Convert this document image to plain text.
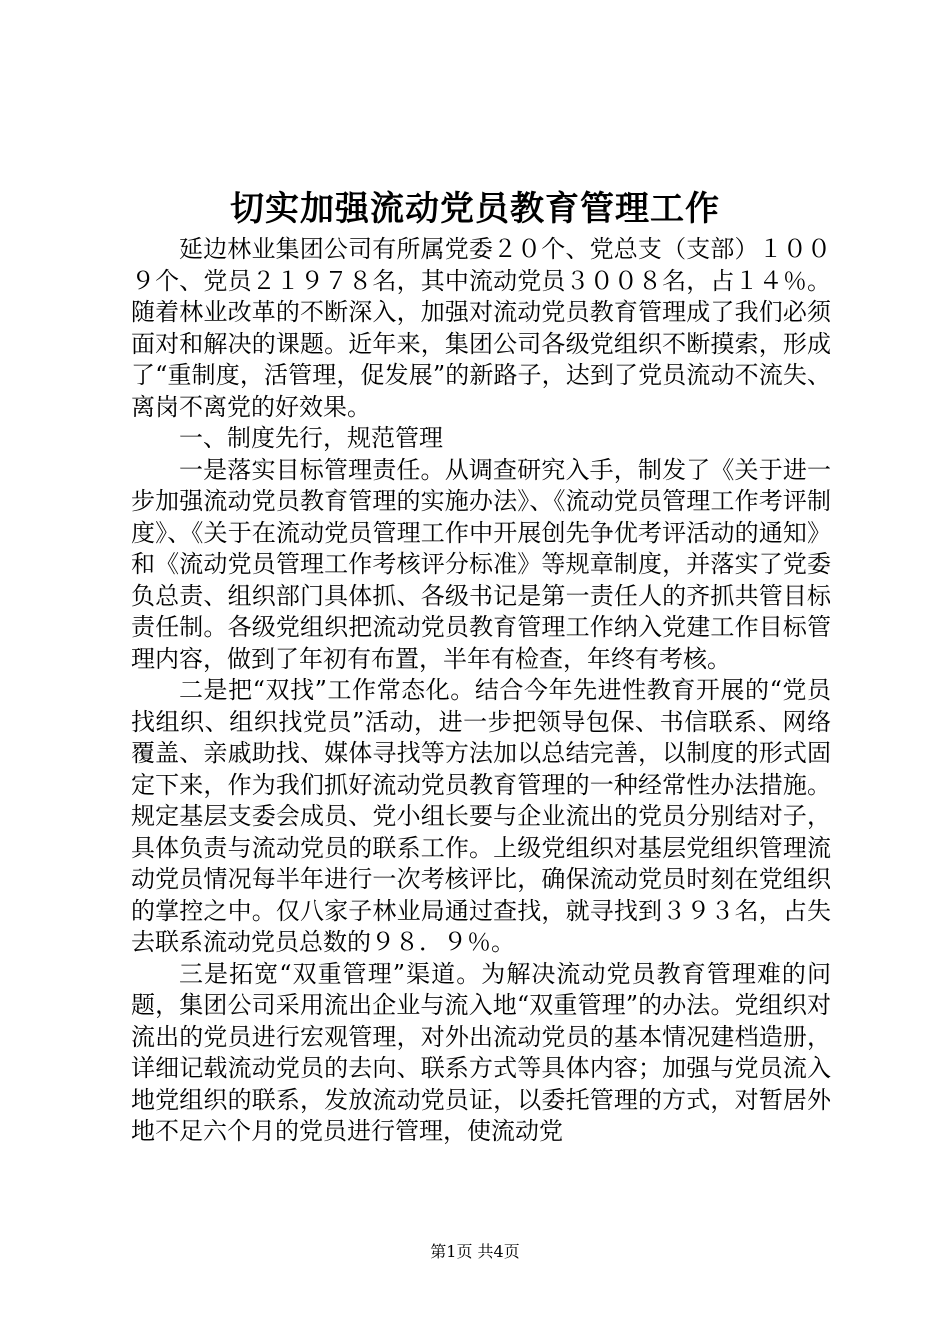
切实加强流动党员教育管理工作

延边林业集团公司有所属党委２０个、党总支（支部）１００９个、党员２１９７８名，其中流动党员３００８名，占１４％。随着林业改革的不断深入，加强对流动党员教育管理成了我们必须面对和解决的课题。近年来，集团公司各级党组织不断摸索，形成了“重制度，活管理，促发展”的新路子，达到了党员流动不流失、离岗不离党的好效果。

一、制度先行，规范管理

一是落实目标管理责任。从调查研究入手，制发了《关于进一步加强流动党员教育管理的实施办法》、《流动党员管理工作考评制度》、《关于在流动党员管理工作中开展创先争优考评活动的通知》和《流动党员管理工作考核评分标准》等规章制度，并落实了党委负总责、组织部门具体抓、各级书记是第一责任人的齐抓共管目标责任制。各级党组织把流动党员教育管理工作纳入党建工作目标管理内容，做到了年初有布置，半年有检查，年终有考核。

二是把“双找”工作常态化。结合今年先进性教育开展的“党员找组织、组织找党员”活动，进一步把领导包保、书信联系、网络覆盖、亲戚助找、媒体寻找等方法加以总结完善，以制度的形式固定下来，作为我们抓好流动党员教育管理的一种经常性办法措施。规定基层支委会成员、党小组长要与企业流出的党员分别结对子，具体负责与流动党员的联系工作。上级党组织对基层党组织管理流动党员情况每半年进行一次考核评比，确保流动党员时刻在党组织的掌控之中。仅八家子林业局通过查找，就寻找到３９３名，占失去联系流动党员总数的９８．９％。

三是拓宽“双重管理”渠道。为解决流动党员教育管理难的问题，集团公司采用流出企业与流入地“双重管理”的办法。党组织对流出的党员进行宏观管理，对外出流动党员的基本情况建档造册，详细记载流动党员的去向、联系方式等具体内容；加强与党员流入地党组织的联系，发放流动党员证，以委托管理的方式，对暂居外地不足六个月的党员进行管理，使流动党

第1页 共4页
